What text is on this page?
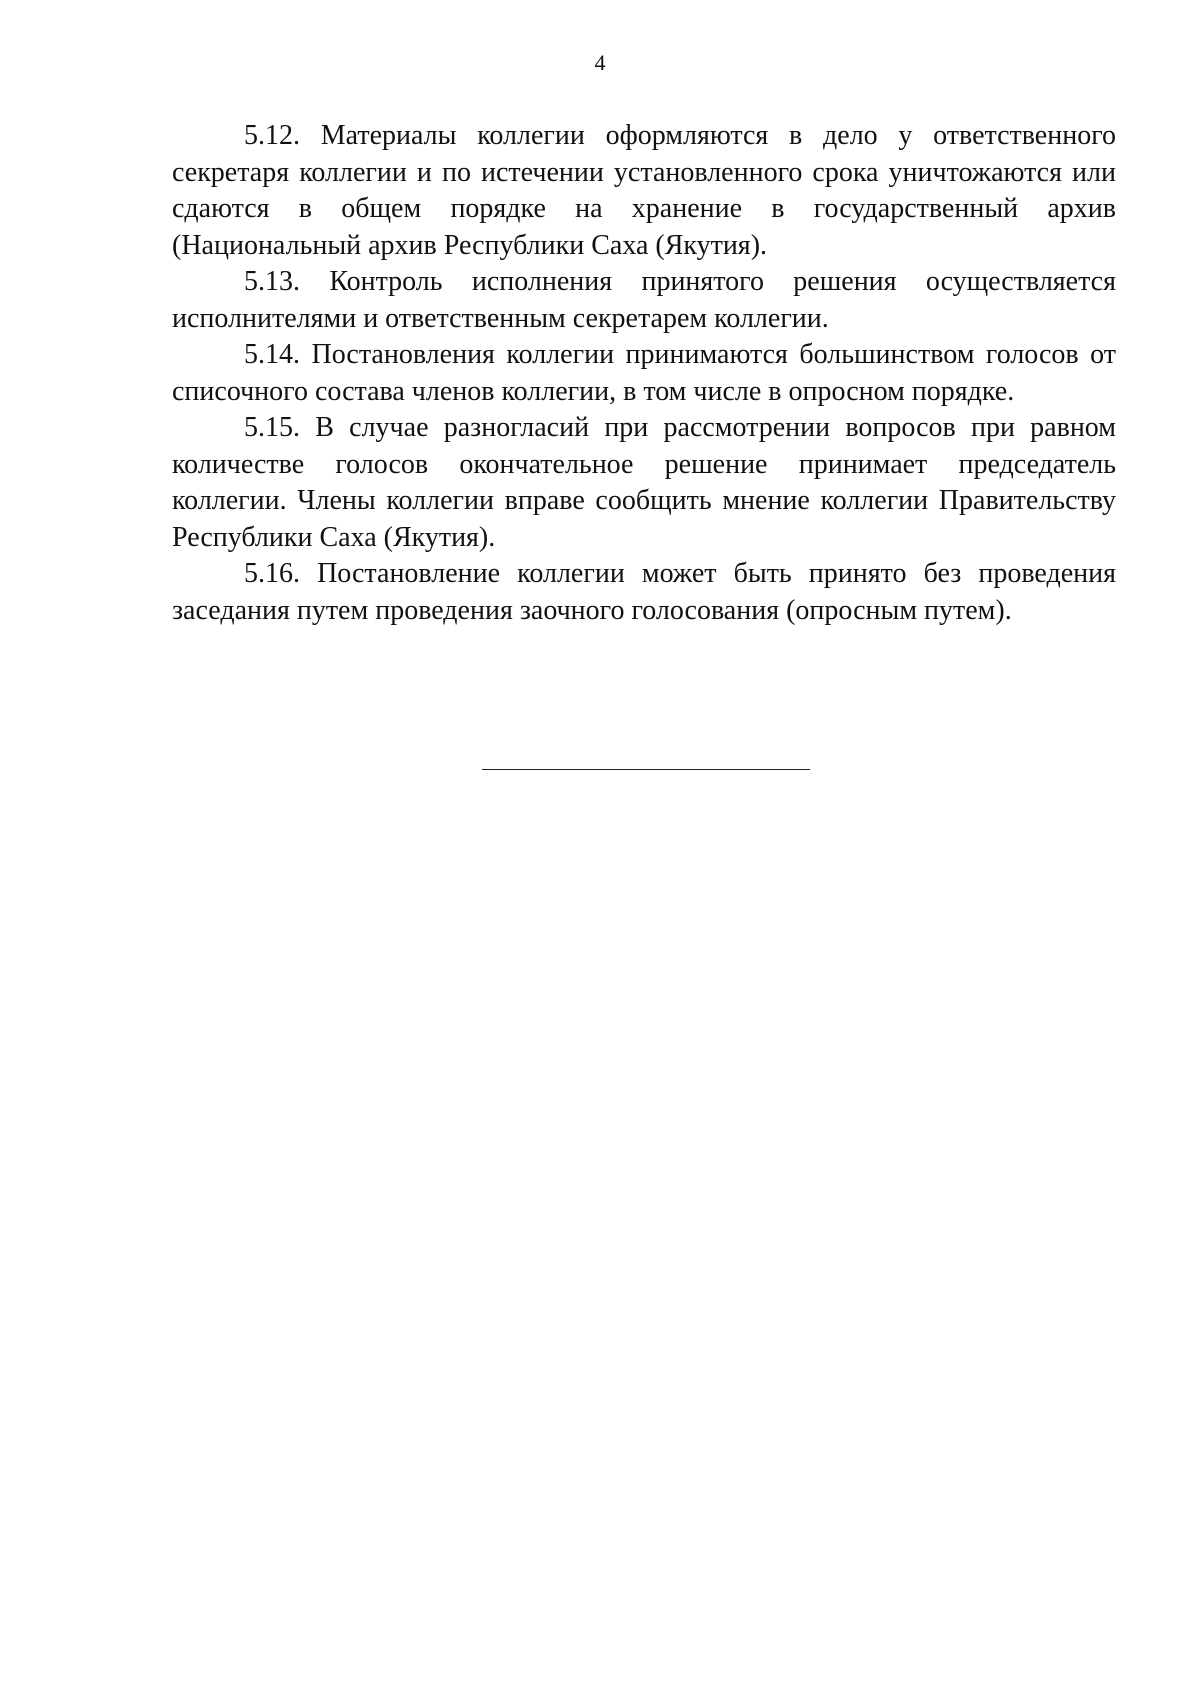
4

5.12. Материалы коллегии оформляются в дело у ответственного секретаря коллегии и по истечении установленного срока уничтожаются или сдаются в общем порядке на хранение в государственный архив (Национальный архив Республики Саха (Якутия).

5.13. Контроль исполнения принятого решения осуществляется исполнителями и ответственным секретарем коллегии.

5.14. Постановления коллегии принимаются большинством голосов от списочного состава членов коллегии, в том числе в опросном порядке.

5.15. В случае разногласий при рассмотрении вопросов при равном количестве голосов окончательное решение принимает председатель коллегии. Члены коллегии вправе сообщить мнение коллегии Правительству Республики Саха (Якутия).

5.16. Постановление коллегии может быть принято без проведения заседания путем проведения заочного голосования (опросным путем).
